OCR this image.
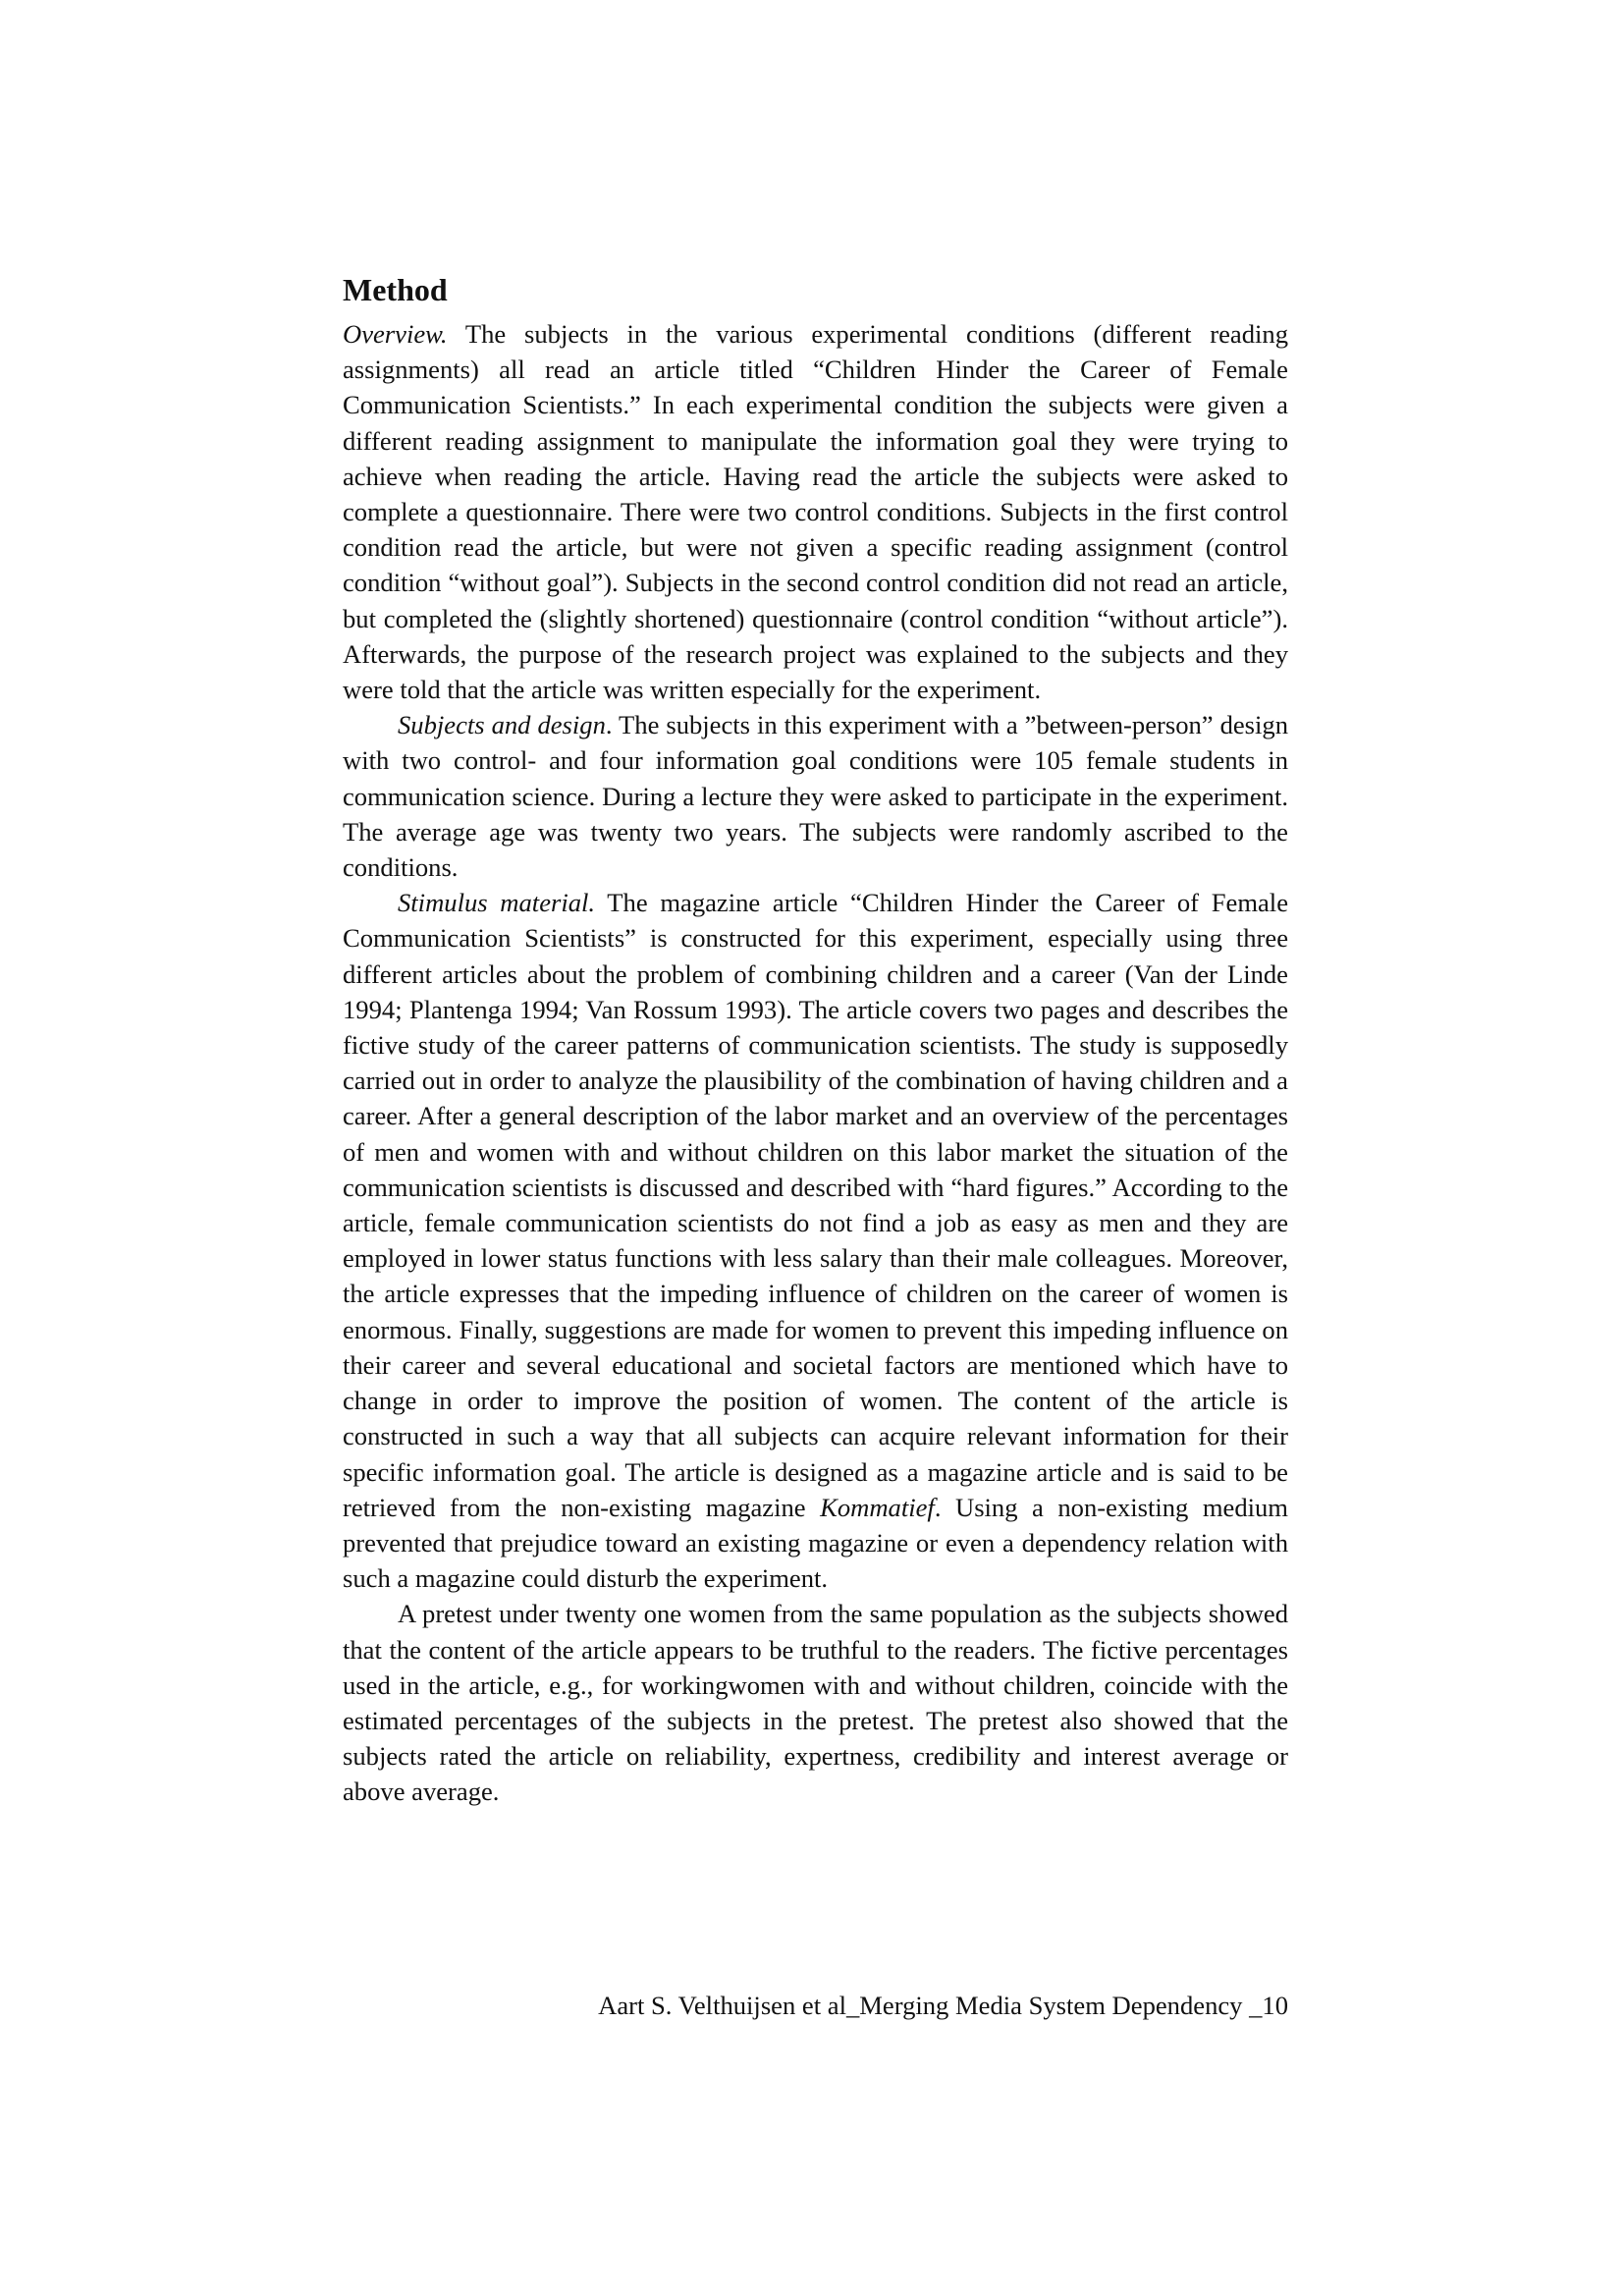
Method

Overview. The subjects in the various experimental conditions (different reading assignments) all read an article titled “Children Hinder the Career of Female Communication Scientists.” In each experimental condition the subjects were given a different reading assignment to manipulate the information goal they were trying to achieve when reading the article. Having read the article the subjects were asked to complete a questionnaire. There were two control conditions. Subjects in the first control condition read the article, but were not given a specific reading assignment (control condition “without goal”). Subjects in the second control condition did not read an article, but completed the (slightly shortened) questionnaire (control condition “without article”). Afterwards, the purpose of the research project was explained to the subjects and they were told that the article was written especially for the experiment.

Subjects and design. The subjects in this experiment with a ”between-person” design with two control- and four information goal conditions were 105 female students in communication science. During a lecture they were asked to participate in the experiment. The average age was twenty two years. The subjects were randomly ascribed to the conditions.

Stimulus material. The magazine article “Children Hinder the Career of Female Communication Scientists” is constructed for this experiment, especially using three different articles about the problem of combining children and a career (Van der Linde 1994; Plantenga 1994; Van Rossum 1993). The article covers two pages and describes the fictive study of the career patterns of communication scientists. The study is supposedly carried out in order to analyze the plausibility of the combination of having children and a career. After a general description of the labor market and an overview of the percentages of men and women with and without children on this labor market the situation of the communication scientists is discussed and described with “hard figures.” According to the article, female communication scientists do not find a job as easy as men and they are employed in lower status functions with less salary than their male colleagues. Moreover, the article expresses that the impeding influence of children on the career of women is enormous. Finally, suggestions are made for women to prevent this impeding influence on their career and several educational and societal factors are mentioned which have to change in order to improve the position of women. The content of the article is constructed in such a way that all subjects can acquire relevant information for their specific information goal. The article is designed as a magazine article and is said to be retrieved from the non-existing magazine Kommatief. Using a non-existing medium prevented that prejudice toward an existing magazine or even a dependency relation with such a magazine could disturb the experiment.

A pretest under twenty one women from the same population as the subjects showed that the content of the article appears to be truthful to the readers. The fictive percentages used in the article, e.g., for workingwomen with and without children, coincide with the estimated percentages of the subjects in the pretest. The pretest also showed that the subjects rated the article on reliability, expertness, credibility and interest average or above average.

Aart S. Velthuijsen et al_Merging Media System Dependency _10
